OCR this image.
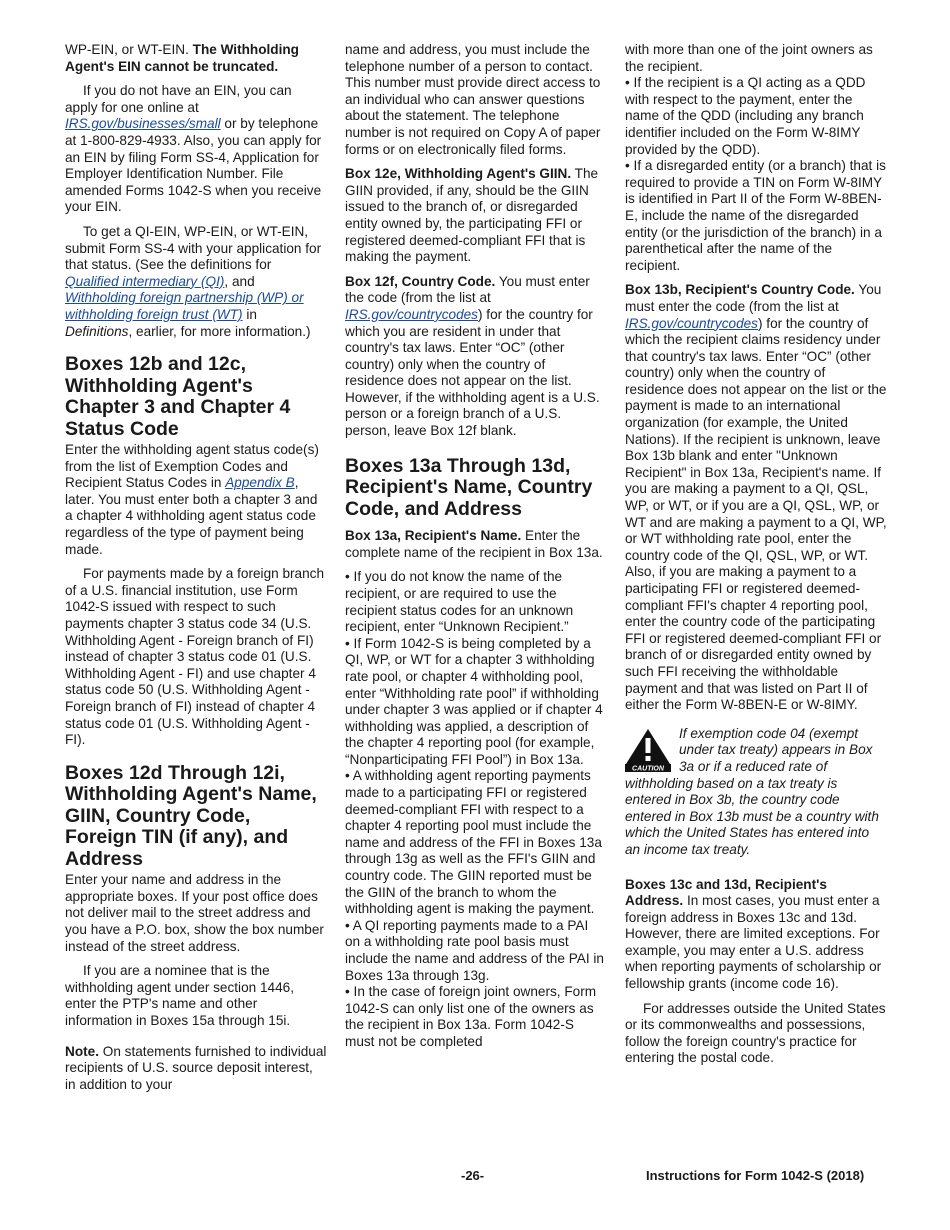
WP-EIN, or WT-EIN. The Withholding Agent's EIN cannot be truncated.

If you do not have an EIN, you can apply for one online at IRS.gov/businesses/small or by telephone at 1-800-829-4933. Also, you can apply for an EIN by filing Form SS-4, Application for Employer Identification Number. File amended Forms 1042-S when you receive your EIN.

To get a QI-EIN, WP-EIN, or WT-EIN, submit Form SS-4 with your application for that status. (See the definitions for Qualified intermediary (QI), and Withholding foreign partnership (WP) or withholding foreign trust (WT) in Definitions, earlier, for more information.)

Boxes 12b and 12c, Withholding Agent's Chapter 3 and Chapter 4 Status Code

Enter the withholding agent status code(s) from the list of Exemption Codes and Recipient Status Codes in Appendix B, later. You must enter both a chapter 3 and a chapter 4 withholding agent status code regardless of the type of payment being made.

For payments made by a foreign branch of a U.S. financial institution, use Form 1042-S issued with respect to such payments chapter 3 status code 34 (U.S. Withholding Agent - Foreign branch of FI) instead of chapter 3 status code 01 (U.S. Withholding Agent - FI) and use chapter 4 status code 50 (U.S. Withholding Agent - Foreign branch of FI) instead of chapter 4 status code 01 (U.S. Withholding Agent - FI).

Boxes 12d Through 12i, Withholding Agent's Name, GIIN, Country Code, Foreign TIN (if any), and Address

Enter your name and address in the appropriate boxes. If your post office does not deliver mail to the street address and you have a P.O. box, show the box number instead of the street address.

If you are a nominee that is the withholding agent under section 1446, enter the PTP's name and other information in Boxes 15a through 15i.

Note. On statements furnished to individual recipients of U.S. source deposit interest, in addition to your

name and address, you must include the telephone number of a person to contact. This number must provide direct access to an individual who can answer questions about the statement. The telephone number is not required on Copy A of paper forms or on electronically filed forms.

Box 12e, Withholding Agent's GIIN. The GIIN provided, if any, should be the GIIN issued to the branch of, or disregarded entity owned by, the participating FFI or registered deemed-compliant FFI that is making the payment.

Box 12f, Country Code. You must enter the code (from the list at IRS.gov/countrycodes) for the country for which you are resident in under that country's tax laws. Enter “OC” (other country) only when the country of residence does not appear on the list. However, if the withholding agent is a U.S. person or a foreign branch of a U.S. person, leave Box 12f blank.

Boxes 13a Through 13d, Recipient's Name, Country Code, and Address

Box 13a, Recipient's Name. Enter the complete name of the recipient in Box 13a.

• If you do not know the name of the recipient, or are required to use the recipient status codes for an unknown recipient, enter “Unknown Recipient.”
• If Form 1042-S is being completed by a QI, WP, or WT for a chapter 3 withholding rate pool, or chapter 4 withholding pool, enter “Withholding rate pool” if withholding under chapter 3 was applied or if chapter 4 withholding was applied, a description of the chapter 4 reporting pool (for example, “Nonparticipating FFI Pool”) in Box 13a.
• A withholding agent reporting payments made to a participating FFI or registered deemed-compliant FFI with respect to a chapter 4 reporting pool must include the name and address of the FFI in Boxes 13a through 13g as well as the FFI's GIIN and country code. The GIIN reported must be the GIIN of the branch to whom the withholding agent is making the payment.
• A QI reporting payments made to a PAI on a withholding rate pool basis must include the name and address of the PAI in Boxes 13a through 13g.
• In the case of foreign joint owners, Form 1042-S can only list one of the owners as the recipient in Box 13a. Form 1042-S must not be completed

with more than one of the joint owners as the recipient.

• If the recipient is a QI acting as a QDD with respect to the payment, enter the name of the QDD (including any branch identifier included on the Form W-8IMY provided by the QDD).
• If a disregarded entity (or a branch) that is required to provide a TIN on Form W-8IMY is identified in Part II of the Form W-8BEN-E, include the name of the disregarded entity (or the jurisdiction of the branch) in a parenthetical after the name of the recipient.

Box 13b, Recipient's Country Code. You must enter the code (from the list at IRS.gov/countrycodes) for the country of which the recipient claims residency under that country's tax laws. Enter “OC” (other country) only when the country of residence does not appear on the list or the payment is made to an international organization (for example, the United Nations). If the recipient is unknown, leave Box 13b blank and enter "Unknown Recipient" in Box 13a, Recipient's name. If you are making a payment to a QI, QSL, WP, or WT, or if you are a QI, QSL, WP, or WT and are making a payment to a QI, WP, or WT withholding rate pool, enter the country code of the QI, QSL, WP, or WT. Also, if you are making a payment to a participating FFI or registered deemed-compliant FFI's chapter 4 reporting pool, enter the country code of the participating FFI or registered deemed-compliant FFI or branch of or disregarded entity owned by such FFI receiving the withholdable payment and that was listed on Part II of either the Form W-8BEN-E or W-8IMY.

CAUTION
If exemption code 04 (exempt under tax treaty) appears in Box 3a or if a reduced rate of withholding based on a tax treaty is entered in Box 3b, the country code entered in Box 13b must be a country with which the United States has entered into an income tax treaty.

Boxes 13c and 13d, Recipient's Address. In most cases, you must enter a foreign address in Boxes 13c and 13d. However, there are limited exceptions. For example, you may enter a U.S. address when reporting payments of scholarship or fellowship grants (income code 16).

For addresses outside the United States or its commonwealths and possessions, follow the foreign country's practice for entering the postal code.

-26-	Instructions for Form 1042-S (2018)
